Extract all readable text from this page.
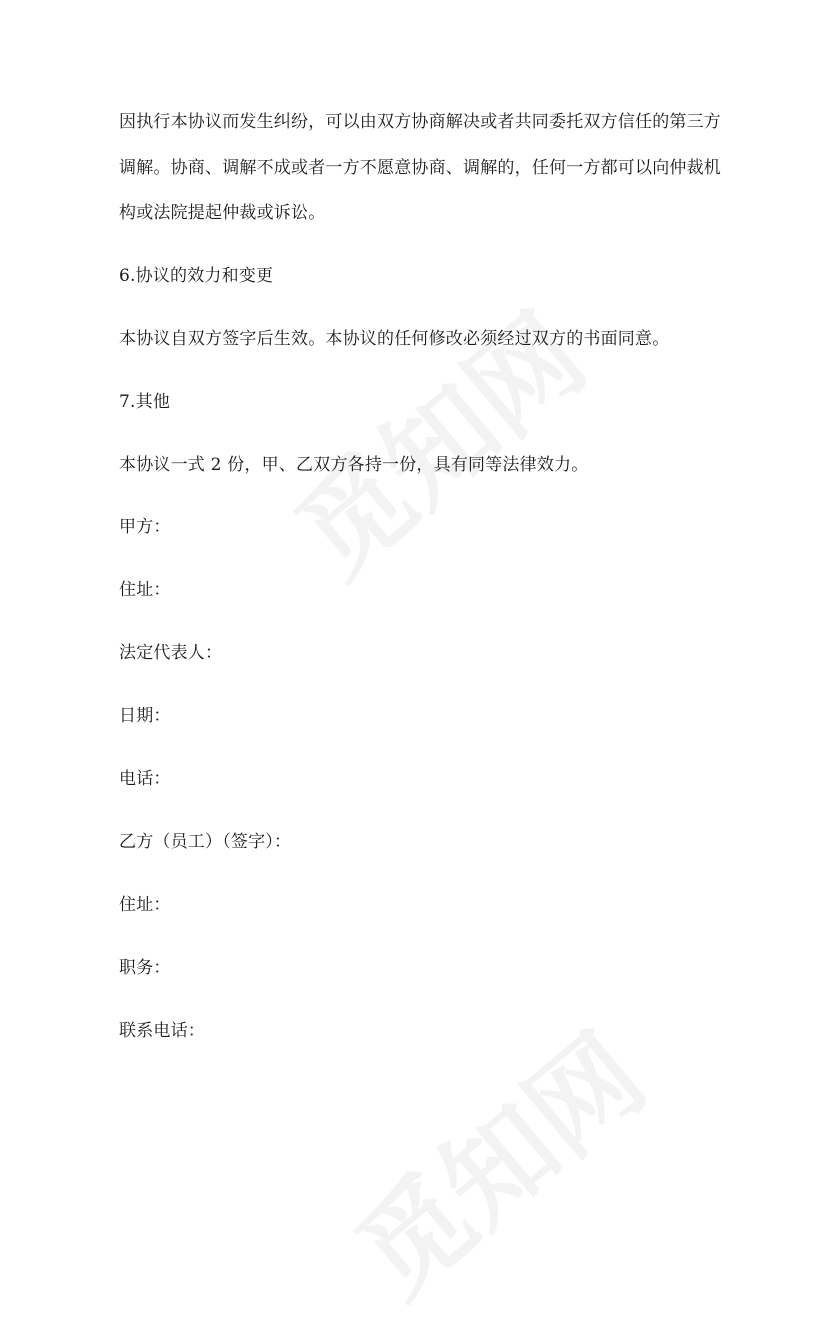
因执行本协议而发生纠纷，可以由双方协商解决或者共同委托双方信任的第三方
调解。协商、调解不成或者一方不愿意协商、调解的，任何一方都可以向仲裁机
构或法院提起仲裁或诉讼。
6.协议的效力和变更
本协议自双方签字后生效。本协议的任何修改必须经过双方的书面同意。
7.其他
本协议一式 2 份，甲、乙双方各持一份，具有同等法律效力。
甲方：
住址：
法定代表人：
日期：
电话：
乙方（员工）（签字）：
住址：
职务：
联系电话：
